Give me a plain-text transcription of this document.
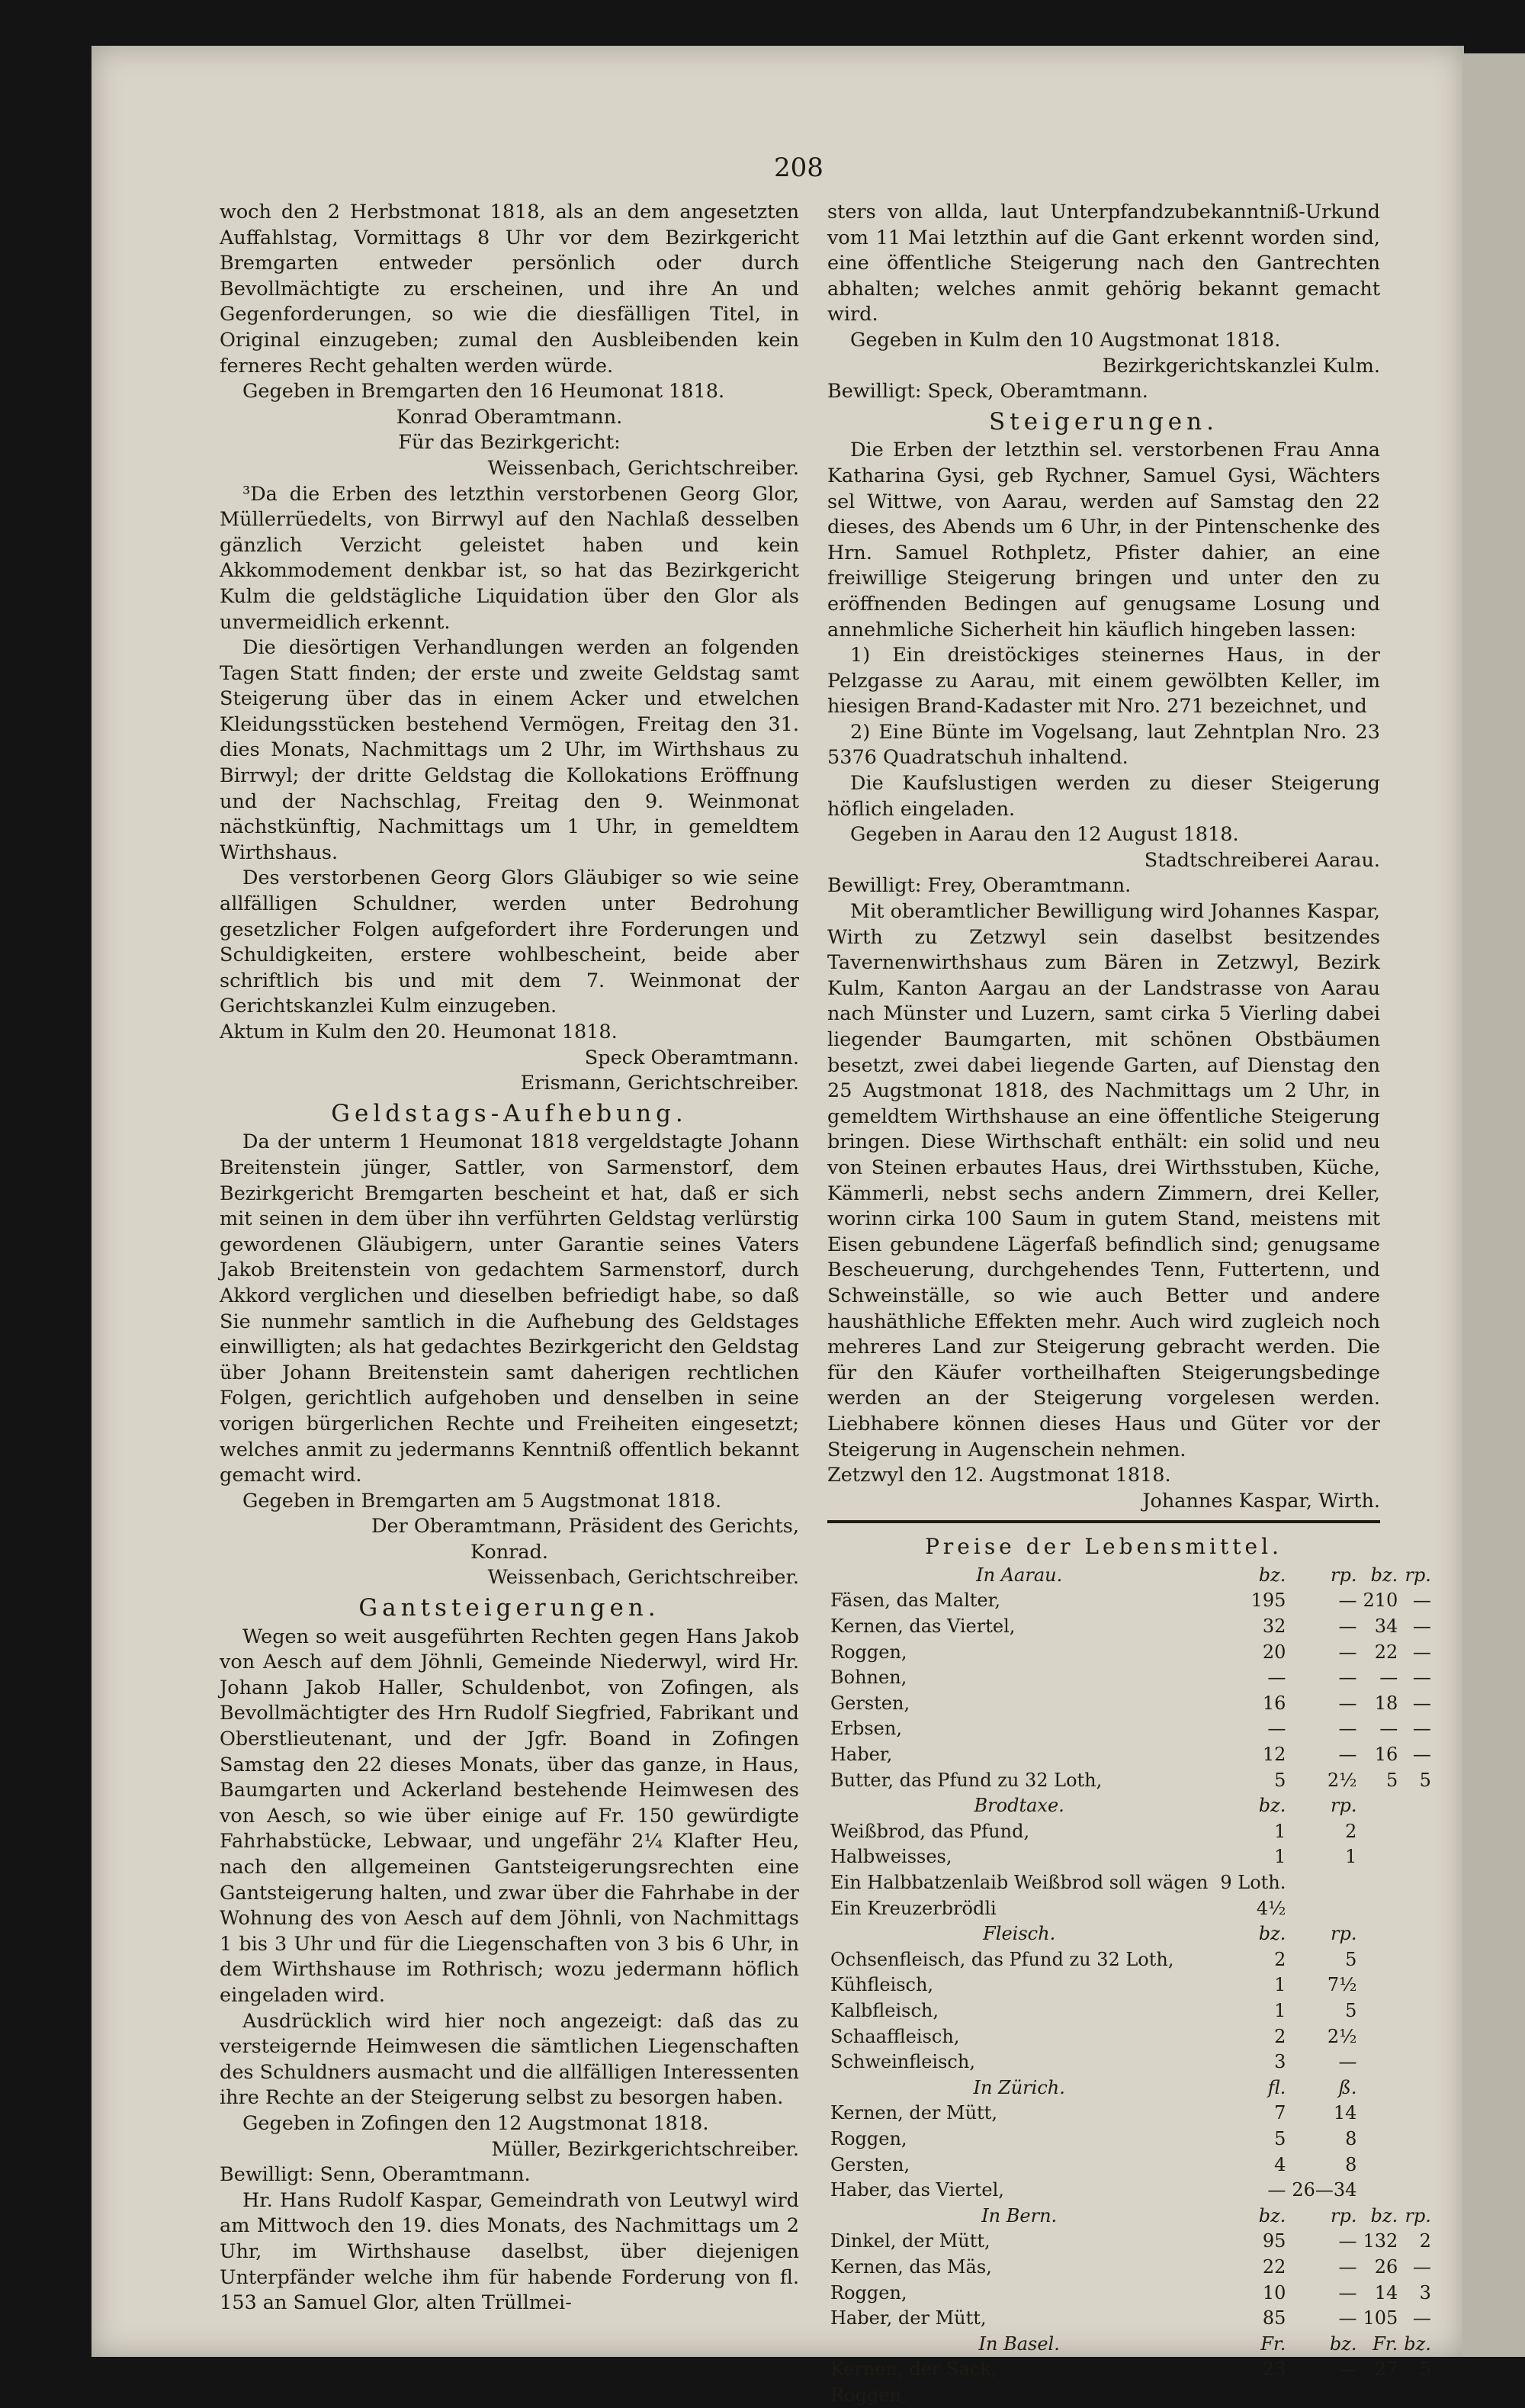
208

woch den 2 Herbstmonat 1818, als an dem angesetzten Auffahlstag, Vormittags 8 Uhr vor dem Bezirkgericht Bremgarten entweder persönlich oder durch Bevollmächtigte zu erscheinen, und ihre An und Gegenforderungen, so wie die diesfälligen Titel, in Original einzugeben; zumal den Ausbleibenden kein ferneres Recht gehalten werden würde.

Gegeben in Bremgarten den 16 Heumonat 1818.

Konrad Oberamtmann.

Für das Bezirkgericht:

Weissenbach, Gerichtschreiber.

³Da die Erben des letzthin verstorbenen Georg Glor, Müllerrüedelts, von Birrwyl auf den Nachlaß desselben gänzlich Verzicht geleistet haben und kein Akkommodement denkbar ist, so hat das Bezirkgericht Kulm die geldstägliche Liquidation über den Glor als unvermeidlich erkennt.

Die diesörtigen Verhandlungen werden an folgenden Tagen Statt finden; der erste und zweite Geldstag samt Steigerung über das in einem Acker und etwelchen Kleidungsstücken bestehend Vermögen, Freitag den 31. dies Monats, Nachmittags um 2 Uhr, im Wirthshaus zu Birrwyl; der dritte Geldstag die Kollokations Eröffnung und der Nachschlag, Freitag den 9. Weinmonat nächstkünftig, Nachmittags um 1 Uhr, in gemeldtem Wirthshaus.

Des verstorbenen Georg Glors Gläubiger so wie seine allfälligen Schuldner, werden unter Bedrohung gesetzlicher Folgen aufgefordert ihre Forderungen und Schuldigkeiten, erstere wohlbescheint, beide aber schriftlich bis und mit dem 7. Weinmonat der Gerichtskanzlei Kulm einzugeben.

Aktum in Kulm den 20. Heumonat 1818.

Speck Oberamtmann.

Erismann, Gerichtschreiber.

Geldstags-Aufhebung.

Da der unterm 1 Heumonat 1818 vergeldstagte Johann Breitenstein jünger, Sattler, von Sarmenstorf, dem Bezirkgericht Bremgarten bescheint et hat, daß er sich mit seinen in dem über ihn verführten Geldstag verlürstig gewordenen Gläubigern, unter Garantie seines Vaters Jakob Breitenstein von gedachtem Sarmenstorf, durch Akkord verglichen und dieselben befriedigt habe, so daß Sie nunmehr samtlich in die Aufhebung des Geldstages einwilligten; als hat gedachtes Bezirkgericht den Geldstag über Johann Breitenstein samt daherigen rechtlichen Folgen, gerichtlich aufgehoben und denselben in seine vorigen bürgerlichen Rechte und Freiheiten eingesetzt; welches anmit zu jedermanns Kenntniß offentlich bekannt gemacht wird.

Gegeben in Bremgarten am 5 Augstmonat 1818.

Der Oberamtmann, Präsident des Gerichts,

Konrad.

Weissenbach, Gerichtschreiber.

Gantsteigerungen.

Wegen so weit ausgeführten Rechten gegen Hans Jakob von Aesch auf dem Jöhnli, Gemeinde Niederwyl, wird Hr. Johann Jakob Haller, Schuldenbot, von Zofingen, als Bevollmächtigter des Hrn Rudolf Siegfried, Fabrikant und Oberstlieutenant, und der Jgfr. Boand in Zofingen Samstag den 22 dieses Monats, über das ganze, in Haus, Baumgarten und Ackerland bestehende Heimwesen des von Aesch, so wie über einige auf Fr. 150 gewürdigte Fahrhabstücke, Lebwaar, und ungefähr 2¼ Klafter Heu, nach den allgemeinen Gantsteigerungsrechten eine Gantsteigerung halten, und zwar über die Fahrhabe in der Wohnung des von Aesch auf dem Jöhnli, von Nachmittags 1 bis 3 Uhr und für die Liegenschaften von 3 bis 6 Uhr, in dem Wirthshause im Rothrisch; wozu jedermann höflich eingeladen wird.

Ausdrücklich wird hier noch angezeigt: daß das zu versteigernde Heimwesen die sämtlichen Liegenschaften des Schuldners ausmacht und die allfälligen Interessenten ihre Rechte an der Steigerung selbst zu besorgen haben.

Gegeben in Zofingen den 12 Augstmonat 1818.

Müller, Bezirkgerichtschreiber.

Bewilligt: Senn, Oberamtmann.

Hr. Hans Rudolf Kaspar, Gemeindrath von Leutwyl wird am Mittwoch den 19. dies Monats, des Nachmittags um 2 Uhr, im Wirthshause daselbst, über diejenigen Unterpfänder welche ihm für habende Forderung von fl. 153 an Samuel Glor, alten Trüllmei-

sters von allda, laut Unterpfandzubekanntniß-Urkund vom 11 Mai letzthin auf die Gant erkennt worden sind, eine öffentliche Steigerung nach den Gantrechten abhalten; welches anmit gehörig bekannt gemacht wird.

Gegeben in Kulm den 10 Augstmonat 1818.

Bezirkgerichtskanzlei Kulm.

Bewilligt: Speck, Oberamtmann.

Steigerungen.

Die Erben der letzthin sel. verstorbenen Frau Anna Katharina Gysi, geb Rychner, Samuel Gysi, Wächters sel Wittwe, von Aarau, werden auf Samstag den 22 dieses, des Abends um 6 Uhr, in der Pintenschenke des Hrn. Samuel Rothpletz, Pfister dahier, an eine freiwillige Steigerung bringen und unter den zu eröffnenden Bedingen auf genugsame Losung und annehmliche Sicherheit hin käuflich hingeben lassen:

1) Ein dreistöckiges steinernes Haus, in der Pelzgasse zu Aarau, mit einem gewölbten Keller, im hiesigen Brand-Kadaster mit Nro. 271 bezeichnet, und

2) Eine Bünte im Vogelsang, laut Zehntplan Nro. 23 5376 Quadratschuh inhaltend.

Die Kaufslustigen werden zu dieser Steigerung höflich eingeladen.

Gegeben in Aarau den 12 August 1818.

Stadtschreiberei Aarau.

Bewilligt: Frey, Oberamtmann.

Mit oberamtlicher Bewilligung wird Johannes Kaspar, Wirth zu Zetzwyl sein daselbst besitzendes Tavernenwirthshaus zum Bären in Zetzwyl, Bezirk Kulm, Kanton Aargau an der Landstrasse von Aarau nach Münster und Luzern, samt cirka 5 Vierling dabei liegender Baumgarten, mit schönen Obstbäumen besetzt, zwei dabei liegende Garten, auf Dienstag den 25 Augstmonat 1818, des Nachmittags um 2 Uhr, in gemeldtem Wirthshause an eine öffentliche Steigerung bringen. Diese Wirthschaft enthält: ein solid und neu von Steinen erbautes Haus, drei Wirthsstuben, Küche, Kämmerli, nebst sechs andern Zimmern, drei Keller, worinn cirka 100 Saum in gutem Stand, meistens mit Eisen gebundene Lägerfaß befindlich sind; genugsame Bescheuerung, durchgehendes Tenn, Futtertenn, und Schweinställe, so wie auch Better und andere haushäthliche Effekten mehr. Auch wird zugleich noch mehreres Land zur Steigerung gebracht werden. Die für den Käufer vortheilhaften Steigerungsbedinge werden an der Steigerung vorgelesen werden. Liebhabere können dieses Haus und Güter vor der Steigerung in Augenschein nehmen.

Zetzwyl den 12. Augstmonat 1818.

Johannes Kaspar, Wirth.

Preise der Lebensmittel.
In Aarau.		bz.	rp.	bz.	rp.
Fäsen, das Malter,		195	—	210	—
Kernen, das Viertel,		32	—	34	—
Roggen,		20	—	22	—
Bohnen,		—	—	—	—
Gersten,		16	—	18	—
Erbsen,		—	—	—	—
Haber,		12	—	16	—
Butter, das Pfund zu 32 Loth,		5	2½	5	5
Brodtaxe.		bz.	rp.		
Weißbrod, das Pfund,		1	2		
Halbweisses,		1	1		
Ein Halbbatzenlaib Weißbrod soll wägen		9 Loth.			
Ein Kreuzerbrödli		4½			
Fleisch.		bz.	rp.		
Ochsenfleisch, das Pfund zu 32 Loth,		2	5		
Kühfleisch,		1	7½		
Kalbfleisch,		1	5		
Schaaffleisch,		2	2½		
Schweinfleisch,		3	—		
In Zürich.		fl.	ß.		
Kernen, der Mütt,		7	14		
Roggen,		5	8		
Gersten,		4	8		
Haber, das Viertel,		—	26—34		
In Bern.		bz.	rp.	bz.	rp.
Dinkel, der Mütt,		95	—	132	2
Kernen, das Mäs,		22	—	26	—
Roggen,		10	—	14	3
Haber, der Mütt,		85	—	105	—
In Basel.		Fr.	bz.	Fr.	bz.
Kernen, der Sack,		23	—	27	5
Roggen,					
